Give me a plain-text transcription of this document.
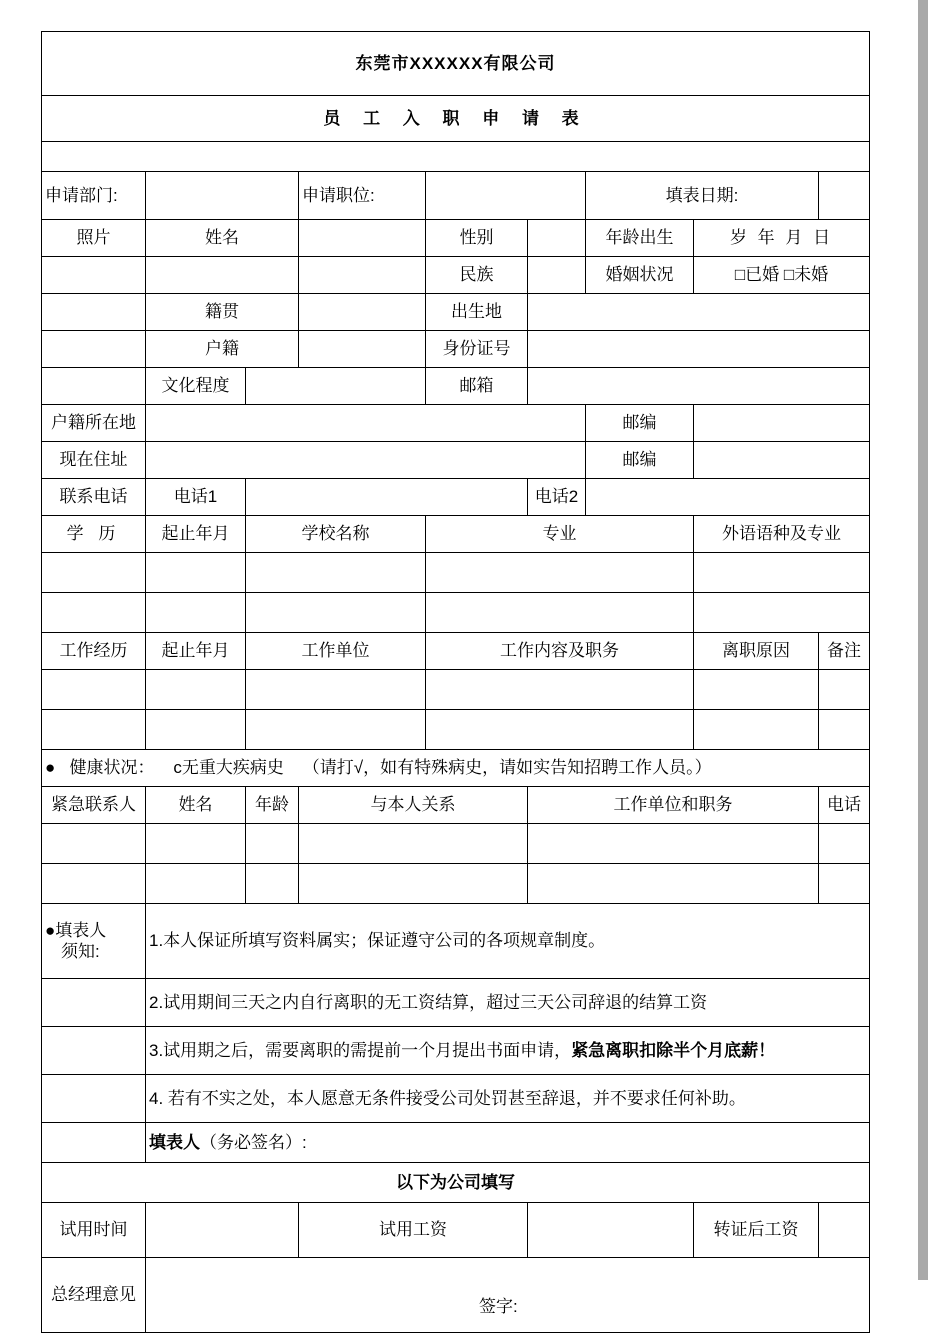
东莞市XXXXXX有限公司								
员 工 入 职 申 请 表								

申请部门:			申请职位:			填表日期:		
照片	姓名			性别		年龄出生	岁 年 月 日	
				民族		婚姻状况	□已婚 □未婚	
	籍贯			出生地				
	户籍			身份证号				
	文化程度			邮箱				
户籍所在地						邮编		
现在住址						邮编		
联系电话	电话1				电话2			
学 历	起止年月	学校名称		专业			外语语种及专业	

工作经历	起止年月	工作单位		工作内容及职务			离职原因	备注

● 健康状况： c无重大疾病史 （请打√，如有特殊病史，请如实告知招聘工作人员。）								
紧急联系人	姓名	年龄	与本人关系		工作单位和职务			电话

●填表人
须知:	1.本人保证所填写资料属实；保证遵守公司的各项规章制度。							
	2.试用期间三天之内自行离职的无工资结算，超过三天公司辞退的结算工资							
	3.试用期之后，需要离职的需提前一个月提出书面申请，紧急离职扣除半个月底薪！							
	4. 若有不实之处，本人愿意无条件接受公司处罚甚至辞退，并不要求任何补助。							
	填表人（务必签名）:							
以下为公司填写								
试用时间			试用工资				转证后工资	
总经理意见	签字:							
